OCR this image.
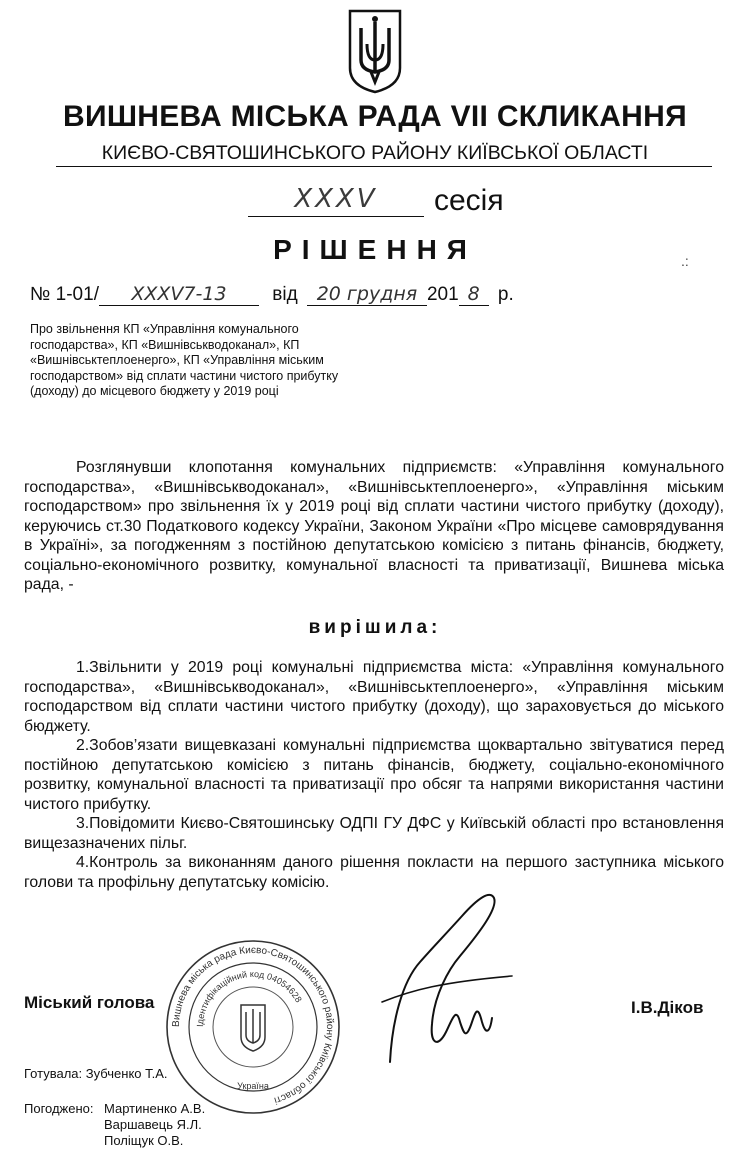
ВИШНЕВА МІСЬКА РАДА VII СКЛИКАННЯ
КИЄВО-СВЯТОШИНСЬКОГО РАЙОНУ КИЇВСЬКОЇ ОБЛАСТІ
XXXV	сесія
РІШЕННЯ	.:
№ 1-01/ XXXV7-13 від 20 грудня 201 8 р.
Про звільнення КП «Управління комунального господарства», КП «Вишнівськводоканал», КП «Вишнівськтеплоенерго», КП «Управління міським господарством» від сплати частини чистого прибутку (доходу) до місцевого бюджету у 2019 році

Розглянувши клопотання комунальних підприємств: «Управління комунального господарства», «Вишнівськводоканал», «Вишнівськтеплоенерго», «Управління міським господарством» про звільнення їх у 2019 році від сплати частини чистого прибутку (доходу), керуючись ст.30 Податкового кодексу України, Законом України «Про місцеве самоврядування в Україні», за погодженням з постійною депутатською комісією з питань фінансів, бюджету, соціально-економічного розвитку, комунальної власності та приватизації, Вишнева міська рада, -

вирішила:

1.Звільнити у 2019 році комунальні підприємства міста: «Управління комунального господарства», «Вишнівськводоканал», «Вишнівськтеплоенерго», «Управління міським господарством від сплати частини чистого прибутку (доходу), що зараховується до міського бюджету.

2.Зобов’язати вищевказані комунальні підприємства щоквартально звітуватися перед постійною депутатською комісією з питань фінансів, бюджету, соціально-економічного розвитку, комунальної власності та приватизації про обсяг та напрями використання частини чистого прибутку.

3.Повідомити Києво-Святошинську ОДПІ ГУ ДФС у Київській області про встановлення вищезазначених пільг.

4.Контроль за виконанням даного рішення покласти на першого заступника міського голови та профільну депутатську комісію.

Вишнева міська рада Києво-Святошинського району Київської області
Ідентифікаційний код 04054628
Україна
Міський голова	І.В.Діков
Готувала: Зубченко Т.А.
Погоджено: Мартиненко А.В.
Варшавець Я.Л.
Поліщук О.В.
